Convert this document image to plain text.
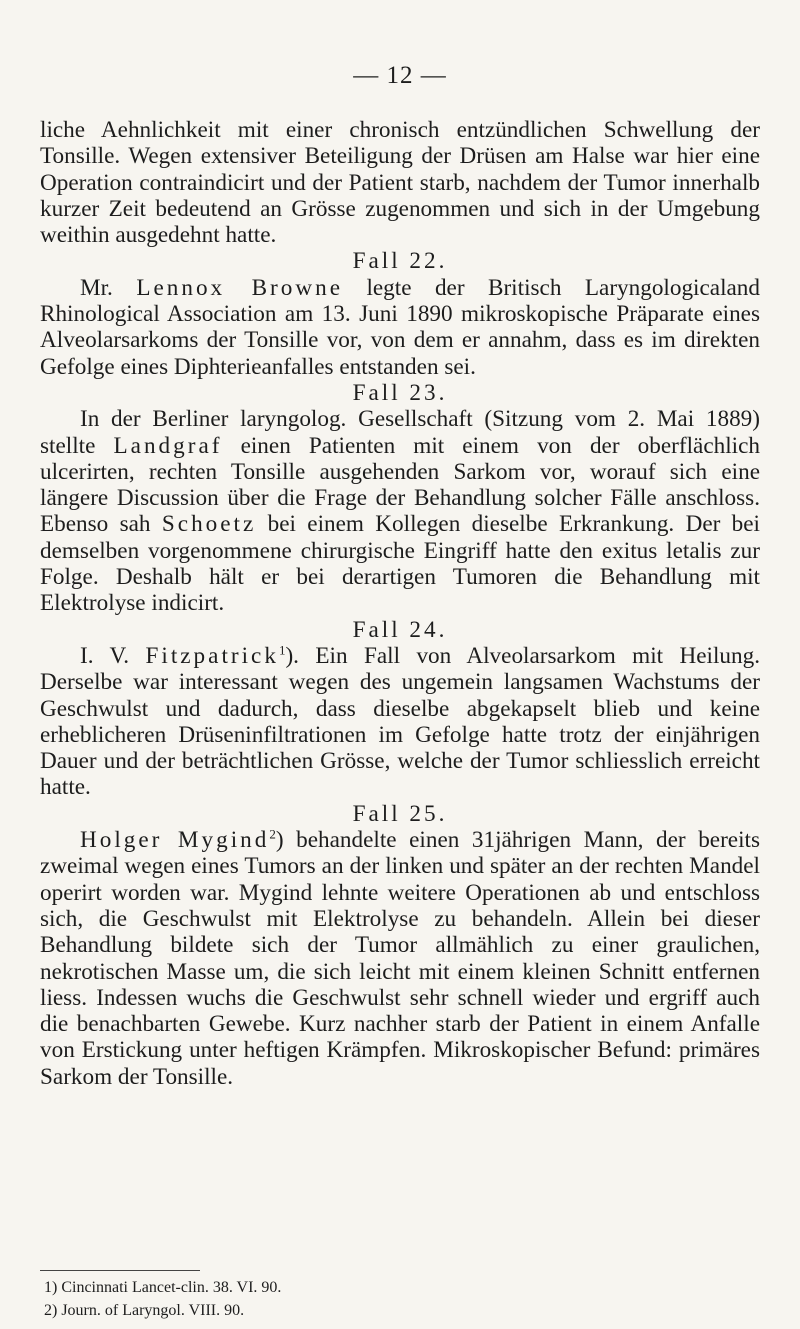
— 12 —

liche Aehnlichkeit mit einer chronisch entzündlichen Schwellung der Tonsille. Wegen extensiver Beteiligung der Drüsen am Halse war hier eine Operation contraindicirt und der Patient starb, nachdem der Tumor innerhalb kurzer Zeit bedeutend an Grösse zugenommen und sich in der Umgebung weithin ausgedehnt hatte.

Fall 22.

Mr. Lennox Browne legte der Britisch Laryngologicaland Rhinological Association am 13. Juni 1890 mikroskopische Präparate eines Alveolarsarkoms der Tonsille vor, von dem er annahm, dass es im direkten Gefolge eines Diphterieanfalles entstanden sei.

Fall 23.

In der Berliner laryngolog. Gesellschaft (Sitzung vom 2. Mai 1889) stellte Landgraf einen Patienten mit einem von der oberflächlich ulcerirten, rechten Tonsille ausgehenden Sarkom vor, worauf sich eine längere Discussion über die Frage der Behandlung solcher Fälle anschloss. Ebenso sah Schoetz bei einem Kollegen dieselbe Erkrankung. Der bei demselben vorgenommene chirurgische Eingriff hatte den exitus letalis zur Folge. Deshalb hält er bei derartigen Tumoren die Behandlung mit Elektrolyse indicirt.

Fall 24.

I. V. Fitzpatrick$^1$). Ein Fall von Alveolarsarkom mit Heilung. Derselbe war interessant wegen des ungemein langsamen Wachstums der Geschwulst und dadurch, dass dieselbe abgekapselt blieb und keine erheblicheren Drüseninfiltrationen im Gefolge hatte trotz der einjährigen Dauer und der beträchtlichen Grösse, welche der Tumor schliesslich erreicht hatte.

Fall 25.

Holger Mygind$^2$) behandelte einen 31jährigen Mann, der bereits zweimal wegen eines Tumors an der linken und später an der rechten Mandel operirt worden war. Mygind lehnte weitere Operationen ab und entschloss sich, die Geschwulst mit Elektrolyse zu behandeln. Allein bei dieser Behandlung bildete sich der Tumor allmählich zu einer graulichen, nekrotischen Masse um, die sich leicht mit einem kleinen Schnitt entfernen liess. Indessen wuchs die Geschwulst sehr schnell wieder und ergriff auch die benachbarten Gewebe. Kurz nachher starb der Patient in einem Anfalle von Erstickung unter heftigen Krämpfen. Mikroskopischer Befund: primäres Sarkom der Tonsille.

1) Cincinnati Lancet-clin. 38. VI. 90.
2) Journ. of Laryngol. VIII. 90.
